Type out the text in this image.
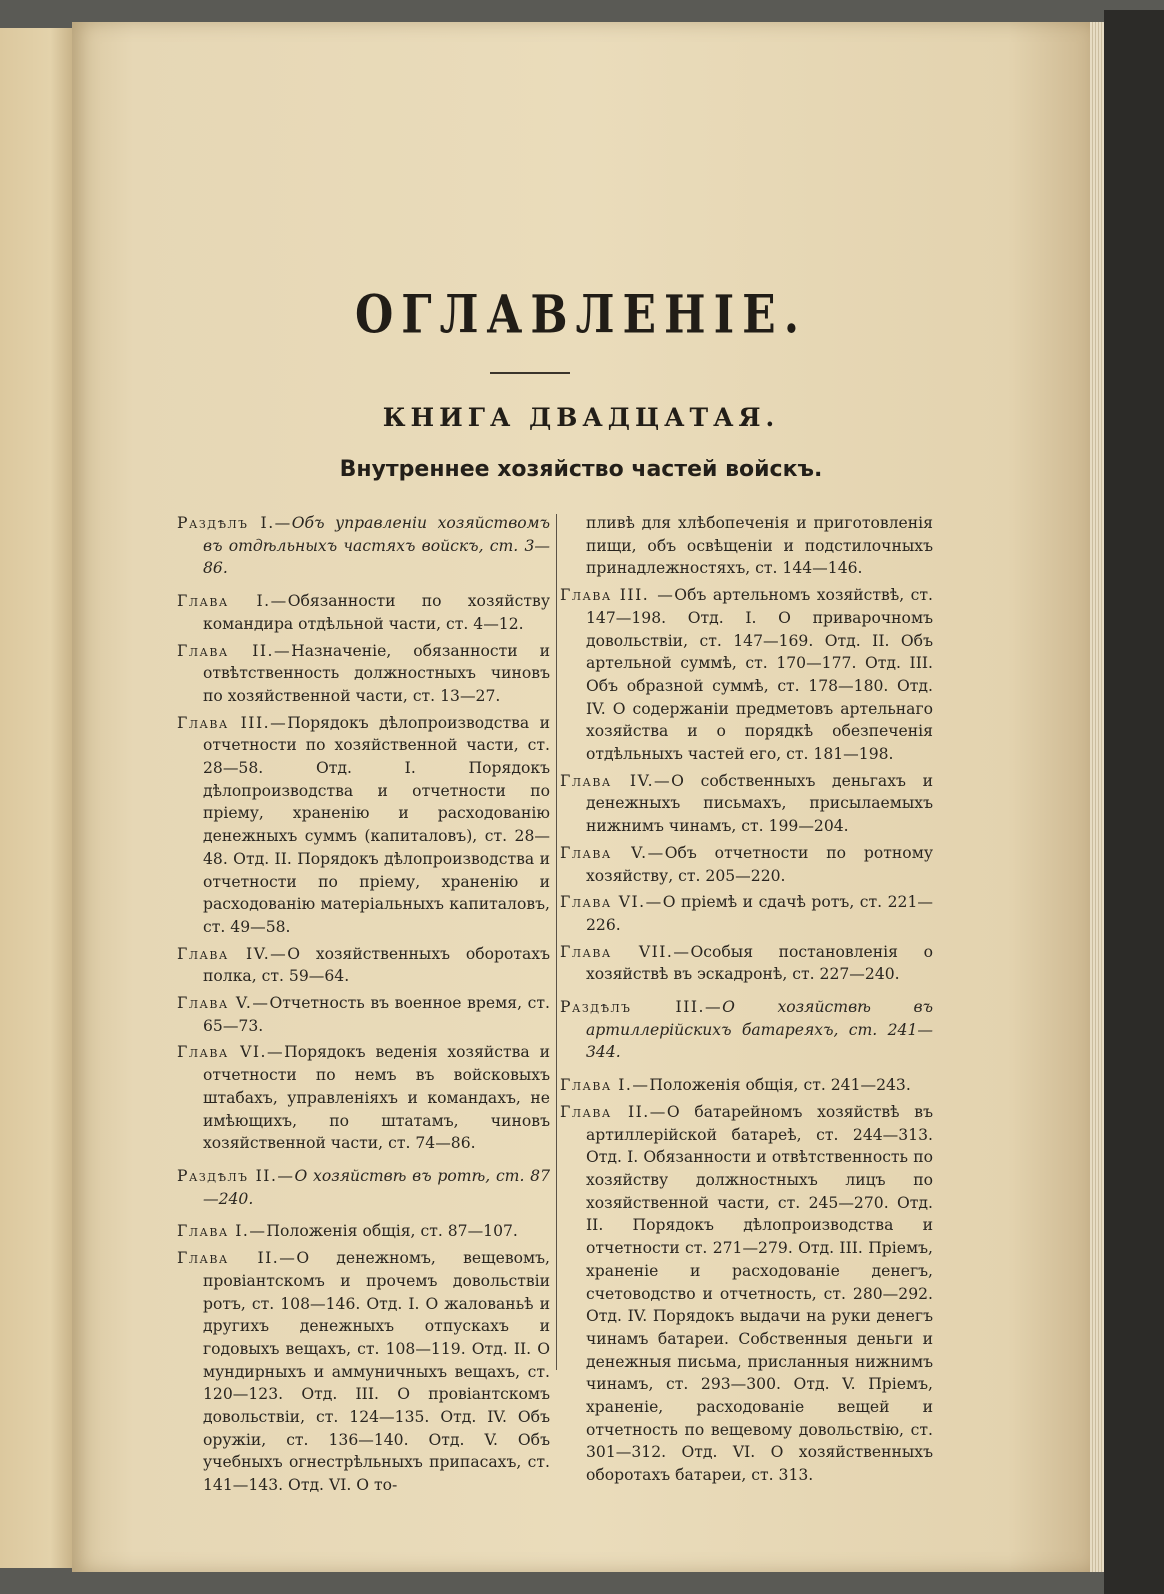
ОГЛАВЛЕНІЕ.
КНИГА ДВАДЦАТАЯ.
Внутреннее хозяйство частей войскъ.

Раздѣлъ I.—Объ управленіи хозяйствомъ въ отдѣльныхъ частяхъ войскъ, ст. 3—86.

Глава I.—Обязанности по хозяйству командира отдѣльной части, ст. 4—12.

Глава II.—Назначеніе, обязанности и отвѣтственность должностныхъ чиновъ по хозяйственной части, ст. 13—27.

Глава III.—Порядокъ дѣлопроизводства и отчетности по хозяйственной части, ст. 28—58. Отд. I. Порядокъ дѣлопроизводства и отчетности по пріему, храненію и расходованію денежныхъ суммъ (капиталовъ), ст. 28—48. Отд. II. Порядокъ дѣлопроизводства и отчетности по пріему, храненію и расходованію матеріальныхъ капиталовъ, ст. 49—58.

Глава IV.—О хозяйственныхъ оборотахъ полка, ст. 59—64.

Глава V.—Отчетность въ военное время, ст. 65—73.

Глава VI.—Порядокъ веденія хозяйства и отчетности по немъ въ войсковыхъ штабахъ, управленіяхъ и командахъ, не имѣющихъ, по штатамъ, чиновъ хозяйственной части, ст. 74—86.

Раздѣлъ II.—О хозяйствѣ въ ротѣ, ст. 87—240.

Глава I.—Положенія общія, ст. 87—107.

Глава II.—О денежномъ, вещевомъ, провіантскомъ и прочемъ довольствіи ротъ, ст. 108—146. Отд. I. О жалованьѣ и другихъ денежныхъ отпускахъ и годовыхъ вещахъ, ст. 108—119. Отд. II. О мундирныхъ и аммуничныхъ вещахъ, ст. 120—123. Отд. III. О провіантскомъ довольствіи, ст. 124—135. Отд. IV. Объ оружіи, ст. 136—140. Отд. V. Объ учебныхъ огнестрѣльныхъ припасахъ, ст. 141—143. Отд. VI. О то-

пливѣ для хлѣбопеченія и приготовленія пищи, объ освѣщеніи и подстилочныхъ принадлежностяхъ, ст. 144—146.

Глава III. —Объ артельномъ хозяйствѣ, ст. 147—198. Отд. I. О приварочномъ довольствіи, ст. 147—169. Отд. II. Объ артельной суммѣ, ст. 170—177. Отд. III. Объ образной суммѣ, ст. 178—180. Отд. IV. О содержаніи предметовъ артельнаго хозяйства и о порядкѣ обезпеченія отдѣльныхъ частей его, ст. 181—198.

Глава IV.—О собственныхъ деньгахъ и денежныхъ письмахъ, присылаемыхъ нижнимъ чинамъ, ст. 199—204.

Глава V.—Объ отчетности по ротному хозяйству, ст. 205—220.

Глава VI.—О пріемѣ и сдачѣ ротъ, ст. 221—226.

Глава VII.—Особыя постановленія о хозяйствѣ въ эскадронѣ, ст. 227—240.

Раздѣлъ III.—О хозяйствѣ въ артиллерійскихъ батареяхъ, ст. 241—344.

Глава I.—Положенія общія, ст. 241—243.

Глава II.—О батарейномъ хозяйствѣ въ артиллерійской батареѣ, ст. 244—313. Отд. I. Обязанности и отвѣтственность по хозяйству должностныхъ лицъ по хозяйственной части, ст. 245—270. Отд. II. Порядокъ дѣлопроизводства и отчетности ст. 271—279. Отд. III. Пріемъ, храненіе и расходованіе денегъ, счетоводство и отчетность, ст. 280—292. Отд. IV. Порядокъ выдачи на руки денегъ чинамъ батареи. Собственныя деньги и денежныя письма, присланныя нижнимъ чинамъ, ст. 293—300. Отд. V. Пріемъ, храненіе, расходованіе вещей и отчетность по вещевому довольствію, ст. 301—312. Отд. VI. О хозяйственныхъ оборотахъ батареи, ст. 313.
